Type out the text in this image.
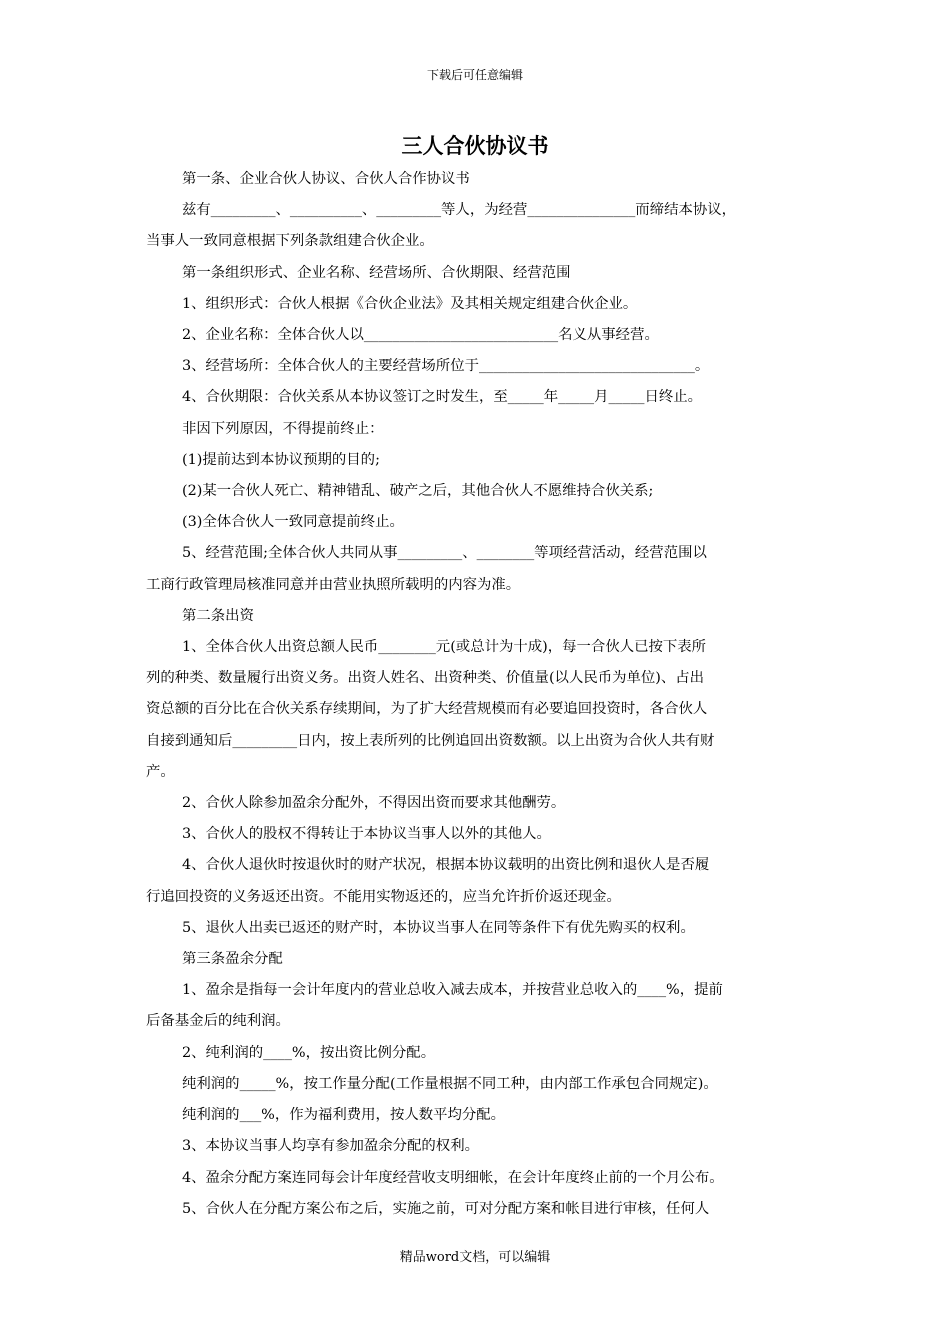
下载后可任意编辑
三人合伙协议书

第一条、企业合伙人协议、合伙人合作协议书

兹有_________、__________、_________等人，为经营_______________而缔结本协议，

当事人一致同意根据下列条款组建合伙企业。

第一条组织形式、企业名称、经营场所、合伙期限、经营范围

1、组织形式：合伙人根据《合伙企业法》及其相关规定组建合伙企业。

2、企业名称：全体合伙人以___________________________名义从事经营。

3、经营场所：全体合伙人的主要经营场所位于______________________________。

4、合伙期限：合伙关系从本协议签订之时发生，至_____年_____月_____日终止。

非因下列原因，不得提前终止：

(1)提前达到本协议预期的目的;

(2)某一合伙人死亡、精神错乱、破产之后，其他合伙人不愿维持合伙关系;

(3)全体合伙人一致同意提前终止。

5、经营范围;全体合伙人共同从事_________、________等项经营活动，经营范围以

工商行政管理局核准同意并由营业执照所载明的内容为准。

第二条出资

1、全体合伙人出资总额人民币________元(或总计为十成)，每一合伙人已按下表所

列的种类、数量履行出资义务。出资人姓名、出资种类、价值量(以人民币为单位)、占出

资总额的百分比在合伙关系存续期间，为了扩大经营规模而有必要追回投资时，各合伙人

自接到通知后_________日内，按上表所列的比例追回出资数额。以上出资为合伙人共有财

产。

2、合伙人除参加盈余分配外，不得因出资而要求其他酬劳。

3、合伙人的股权不得转让于本协议当事人以外的其他人。

4、合伙人退伙时按退伙时的财产状况，根据本协议载明的出资比例和退伙人是否履

行追回投资的义务返还出资。不能用实物返还的，应当允许折价返还现金。

5、退伙人出卖已返还的财产时，本协议当事人在同等条件下有优先购买的权利。

第三条盈余分配

1、盈余是指每一会计年度内的营业总收入减去成本，并按营业总收入的____%，提前

后备基金后的纯利润。

2、纯利润的____%，按出资比例分配。

纯利润的_____%，按工作量分配(工作量根据不同工种，由内部工作承包合同规定)。

纯利润的___%，作为福利费用，按人数平均分配。

3、本协议当事人均享有参加盈余分配的权利。

4、盈余分配方案连同每会计年度经营收支明细帐，在会计年度终止前的一个月公布。

5、合伙人在分配方案公布之后，实施之前，可对分配方案和帐目进行审核，任何人

精品word文档，可以编辑
